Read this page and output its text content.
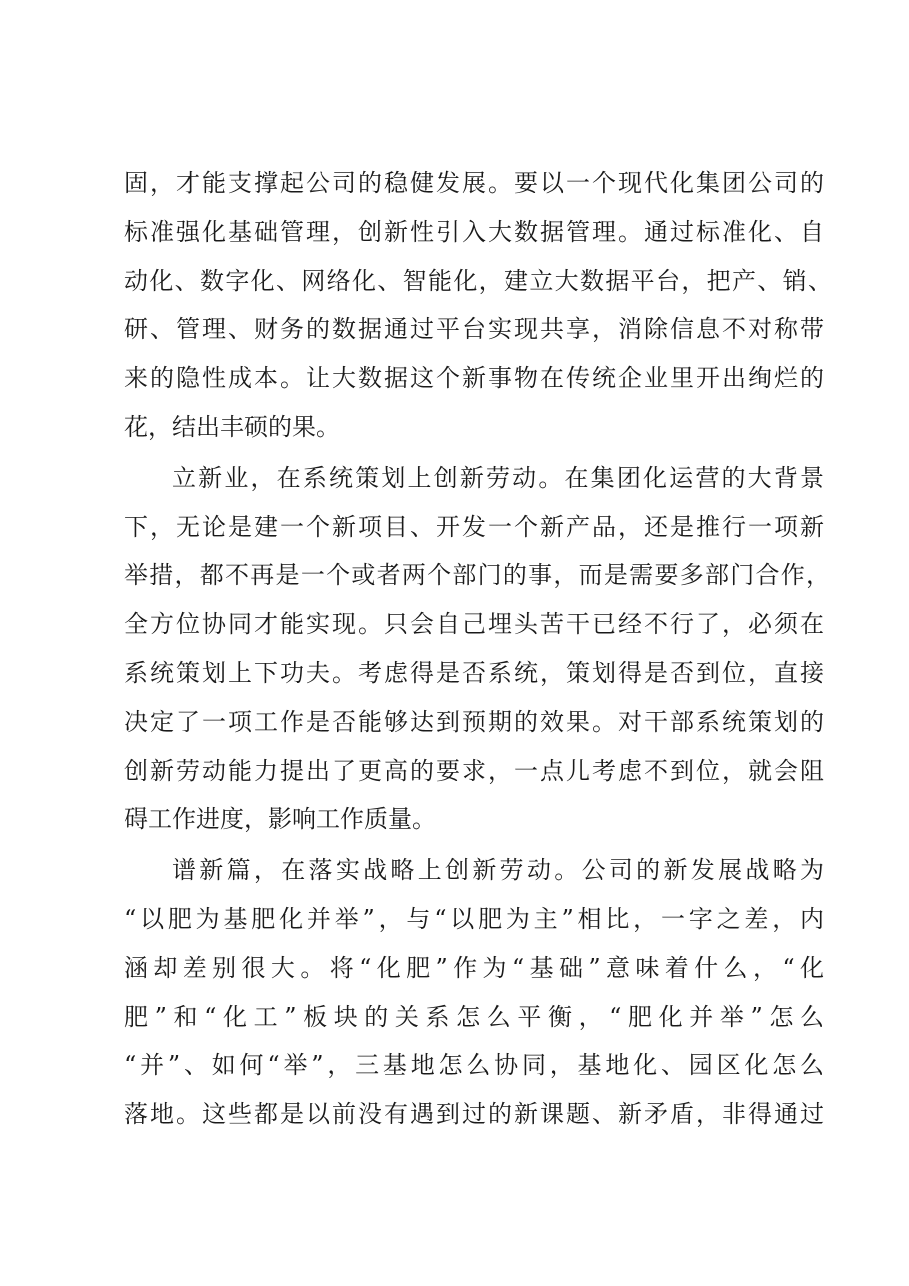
固，才能支撑起公司的稳健发展。要以一个现代化集团公司的
标准强化基础管理，创新性引入大数据管理。通过标准化、自
动化、数字化、网络化、智能化，建立大数据平台，把产、销、
研、管理、财务的数据通过平台实现共享，消除信息不对称带
来的隐性成本。让大数据这个新事物在传统企业里开出绚烂的
花，结出丰硕的果。
立新业，在系统策划上创新劳动。在集团化运营的大背景
下，无论是建一个新项目、开发一个新产品，还是推行一项新
举措，都不再是一个或者两个部门的事，而是需要多部门合作，
全方位协同才能实现。只会自己埋头苦干已经不行了，必须在
系统策划上下功夫。考虑得是否系统，策划得是否到位，直接
决定了一项工作是否能够达到预期的效果。对干部系统策划的
创新劳动能力提出了更高的要求，一点儿考虑不到位，就会阻
碍工作进度，影响工作质量。
谱新篇，在落实战略上创新劳动。公司的新发展战略为
“以肥为基肥化并举”，与“以肥为主”相比，一字之差，内
涵却差别很大。将“化肥”作为“基础”意味着什么，“化
肥”和“化工”板块的关系怎么平衡，“肥化并举”怎么
“并”、如何“举”，三基地怎么协同，基地化、园区化怎么
落地。这些都是以前没有遇到过的新课题、新矛盾，非得通过
